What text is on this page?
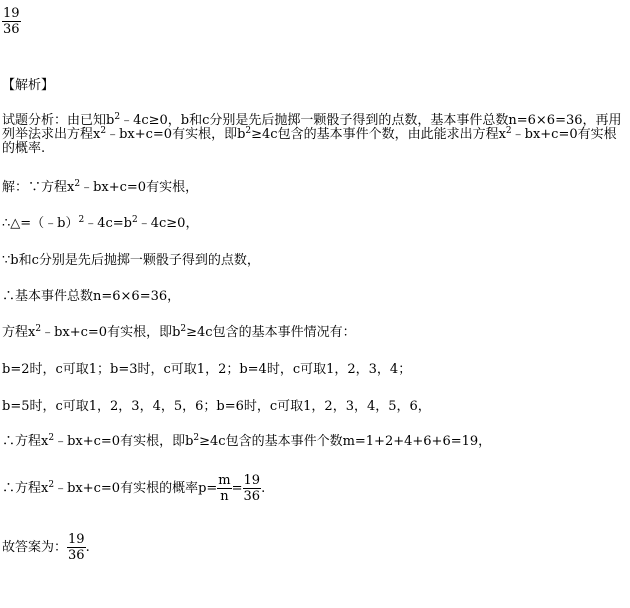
$\frac{19}{36}$
【解析】
试题分析：由已知$b^2﹣4c\ge 0$，b和c分别是先后抛掷一颗骰子得到的点数，基本事件总数n=6×6=36，再用列举法求出方程$x^2﹣bx+c=0$有实根，即$b^2\ge 4c$包含的基本事件个数，由此能求出方程$x^2﹣bx+c=0$有实根的概率.
解：∵方程$x^2﹣bx+c=0$有实根，
$\therefore\triangle=(﹣b)^2﹣4c=b^2﹣4c\ge 0$，
∵b和c分别是先后抛掷一颗骰子得到的点数，
∴基本事件总数n=6×6=36，
方程$x^2﹣bx+c=0$有实根，即$b^2\ge 4c$包含的基本事件情况有：
b=2时，c可取1；b=3时，c可取1，2；b=4时，c可取1，2，3，4；
b=5时，c可取1，2，3，4，5，6；b=6时，c可取1，2，3，4，5，6，
∴方程$x^2﹣bx+c=0$有实根，即$b^2\ge 4c$包含的基本事件个数m=1+2+4+6+6=19，
∴方程$x^2﹣bx+c=0$有实根的概率$p= \frac{m}{n} = \frac{19}{36}$ .
故答案为： $\frac{19}{36}$ .
